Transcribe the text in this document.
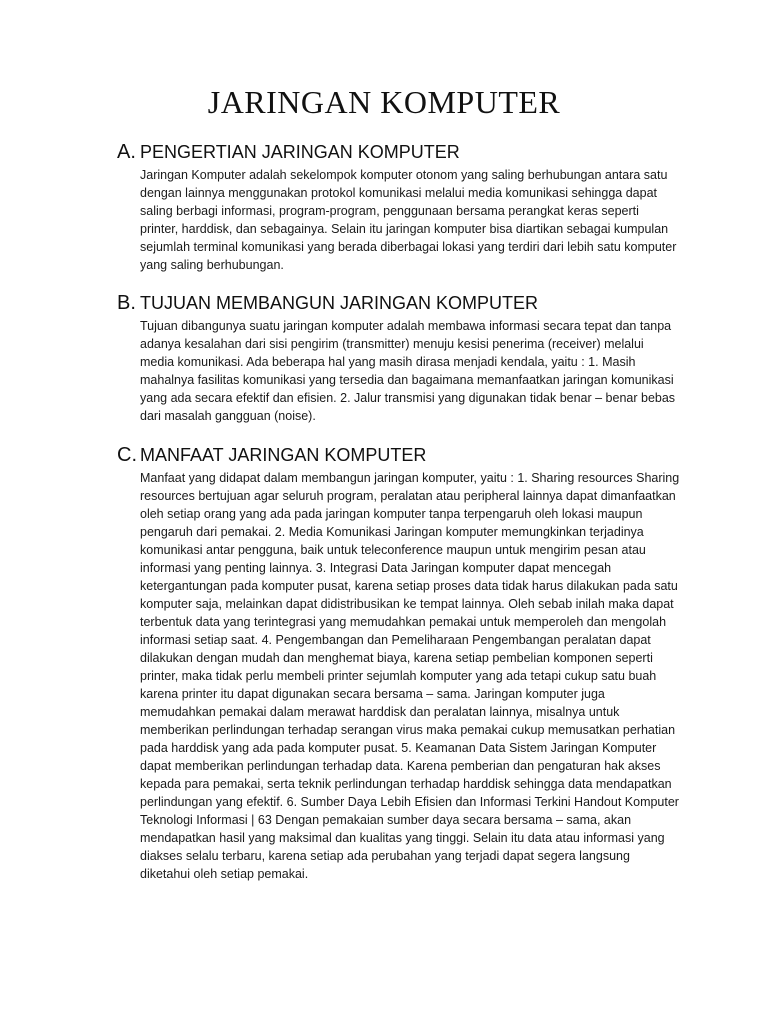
JARINGAN KOMPUTER
A. PENGERTIAN JARINGAN KOMPUTER

Jaringan Komputer adalah sekelompok komputer otonom yang saling berhubungan antara satu dengan lainnya menggunakan protokol komunikasi melalui media komunikasi sehingga dapat saling berbagi informasi, program-program, penggunaan bersama perangkat keras seperti printer, harddisk, dan sebagainya. Selain itu jaringan komputer bisa diartikan sebagai kumpulan sejumlah terminal komunikasi yang berada diberbagai lokasi yang terdiri dari lebih satu komputer yang saling berhubungan.

B. TUJUAN MEMBANGUN JARINGAN KOMPUTER

Tujuan dibangunya suatu jaringan komputer adalah membawa informasi secara tepat dan tanpa adanya kesalahan dari sisi pengirim (transmitter) menuju kesisi penerima (receiver) melalui media komunikasi. Ada beberapa hal yang masih dirasa menjadi kendala, yaitu : 1. Masih mahalnya fasilitas komunikasi yang tersedia dan bagaimana memanfaatkan jaringan komunikasi yang ada secara efektif dan efisien. 2. Jalur transmisi yang digunakan tidak benar – benar bebas dari masalah gangguan (noise).

C. MANFAAT JARINGAN KOMPUTER

Manfaat yang didapat dalam membangun jaringan komputer, yaitu : 1. Sharing resources Sharing resources bertujuan agar seluruh program, peralatan atau peripheral lainnya dapat dimanfaatkan oleh setiap orang yang ada pada jaringan komputer tanpa terpengaruh oleh lokasi maupun pengaruh dari pemakai. 2. Media Komunikasi Jaringan komputer memungkinkan terjadinya komunikasi antar pengguna, baik untuk teleconference maupun untuk mengirim pesan atau informasi yang penting lainnya. 3. Integrasi Data Jaringan komputer dapat mencegah ketergantungan pada komputer pusat, karena setiap proses data tidak harus dilakukan pada satu komputer saja, melainkan dapat didistribusikan ke tempat lainnya. Oleh sebab inilah maka dapat terbentuk data yang terintegrasi yang memudahkan pemakai untuk memperoleh dan mengolah informasi setiap saat. 4. Pengembangan dan Pemeliharaan Pengembangan peralatan dapat dilakukan dengan mudah dan menghemat biaya, karena setiap pembelian komponen seperti printer, maka tidak perlu membeli printer sejumlah komputer yang ada tetapi cukup satu buah karena printer itu dapat digunakan secara bersama – sama. Jaringan komputer juga memudahkan pemakai dalam merawat harddisk dan peralatan lainnya, misalnya untuk memberikan perlindungan terhadap serangan virus maka pemakai cukup memusatkan perhatian pada harddisk yang ada pada komputer pusat. 5. Keamanan Data Sistem Jaringan Komputer dapat memberikan perlindungan terhadap data. Karena pemberian dan pengaturan hak akses kepada para pemakai, serta teknik perlindungan terhadap harddisk sehingga data mendapatkan perlindungan yang efektif. 6. Sumber Daya Lebih Efisien dan Informasi Terkini Handout Komputer Teknologi Informasi | 63 Dengan pemakaian sumber daya secara bersama – sama, akan mendapatkan hasil yang maksimal dan kualitas yang tinggi. Selain itu data atau informasi yang diakses selalu terbaru, karena setiap ada perubahan yang terjadi dapat segera langsung diketahui oleh setiap pemakai.
